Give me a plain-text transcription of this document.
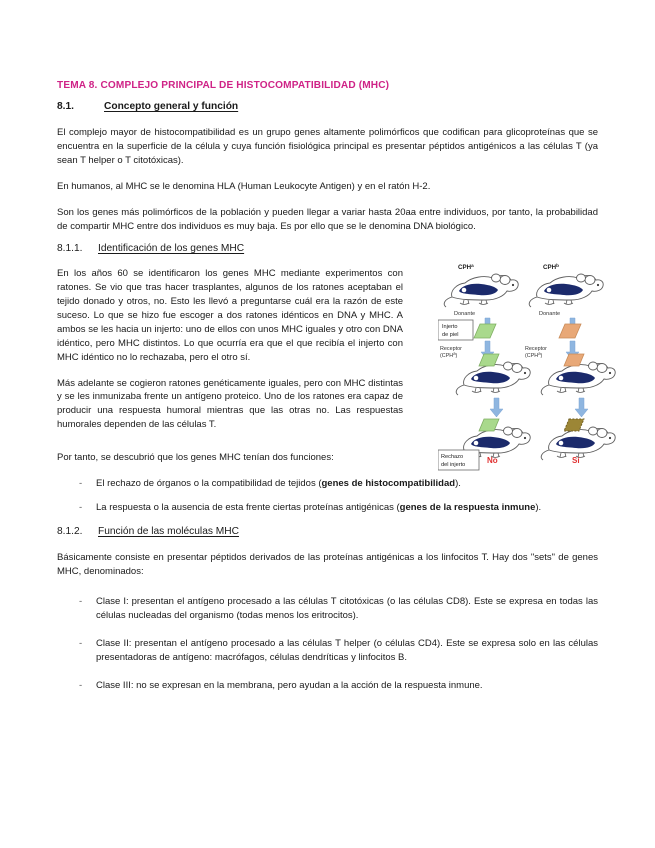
TEMA 8. COMPLEJO PRINCIPAL DE HISTOCOMPATIBILIDAD (MHC)
8.1.	Concepto general y función

El complejo mayor de histocompatibilidad es un grupo genes altamente polimórficos que codifican para glicoproteínas que se encuentra en la superficie de la célula y cuya función fisiológica principal es presentar péptidos antigénicos a las células T (ya sean T helper o T citotóxicas).

En humanos, al MHC se le denomina HLA (Human Leukocyte Antigen) y en el ratón H-2.

Son los genes más polimórficos de la población y pueden llegar a variar hasta 20aa entre individuos, por tanto, la probabilidad de compartir MHC entre dos individuos es muy baja. Es por ello que se le denomina DNA biológico.

8.1.1.	Identificación de los genes MHC

En los años 60 se identificaron los genes MHC mediante experimentos con ratones. Se vio que tras hacer trasplantes, algunos de los ratones aceptaban el tejido donado y otros, no. Esto les llevó a preguntarse cuál era la razón de este suceso. Lo que se hizo fue escoger a dos ratones idénticos en DNA y MHC. A ambos se les hacia un injerto: uno de ellos con unos MHC iguales y otro con DNA idéntico, pero MHC distintos. Lo que ocurría era que el que recibía el injerto con MHC idéntico no lo rechazaba, pero el otro sí.

Más adelante se cogieron ratones genéticamente iguales, pero con MHC distintas y se les inmunizaba frente un antígeno proteico. Uno de los ratones era capaz de producir una respuesta humoral mientras que las otras no. Las respuestas humorales dependen de las células T.

Por tanto, se descubrió que los genes MHC tenían dos funciones:

- El rechazo de órganos o la compatibilidad de tejidos (genes de histocompatibilidad).
- La respuesta o la ausencia de esta frente ciertas proteínas antigénicas (genes de la respuesta inmune).
8.1.2.	Función de las moléculas MHC

Básicamente consiste en presentar péptidos derivados de las proteínas antigénicas a los linfocitos T. Hay dos "sets" de genes MHC, denominados:

- Clase I: presentan el antígeno procesado a las células T citotóxicas (o las células CD8). Este se expresa en todas las células nucleadas del organismo (todas menos los eritrocitos).
- Clase II: presentan el antígeno procesado a las células T helper (o células CD4). Este se expresa solo en las células presentadoras de antígeno: macrófagos, células dendríticas y linfocitos B.
- Clase III: no se expresan en la membrana, pero ayudan a la acción de la respuesta inmune.
CPH$^a$
Donante
CPH$^b$
Donante
Injerto
de piel
Receptor
(CPH$^a$)
Receptor
(CPH$^a$)
Rechazo
del injerto	No	Sí
